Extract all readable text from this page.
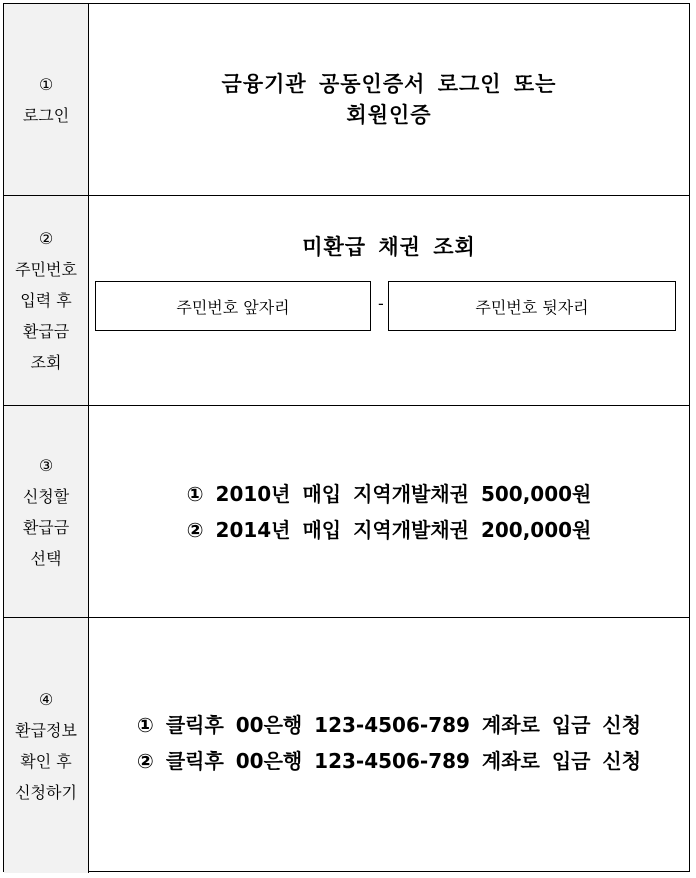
①
로그인
금융기관 공동인증서 로그인 또는
회원인증
②
주민번호
입력 후
환급금
조회
미환급 채권 조회
주민번호 앞자리	-	주민번호 뒷자리
③
신청할
환급금
선택
① 2010년 매입 지역개발채권 500,000원
② 2014년 매입 지역개발채권 200,000원
④
환급정보
확인 후
신청하기
① 클릭후 00은행 123-4506-789 계좌로 입금 신청
② 클릭후 00은행 123-4506-789 계좌로 입금 신청
